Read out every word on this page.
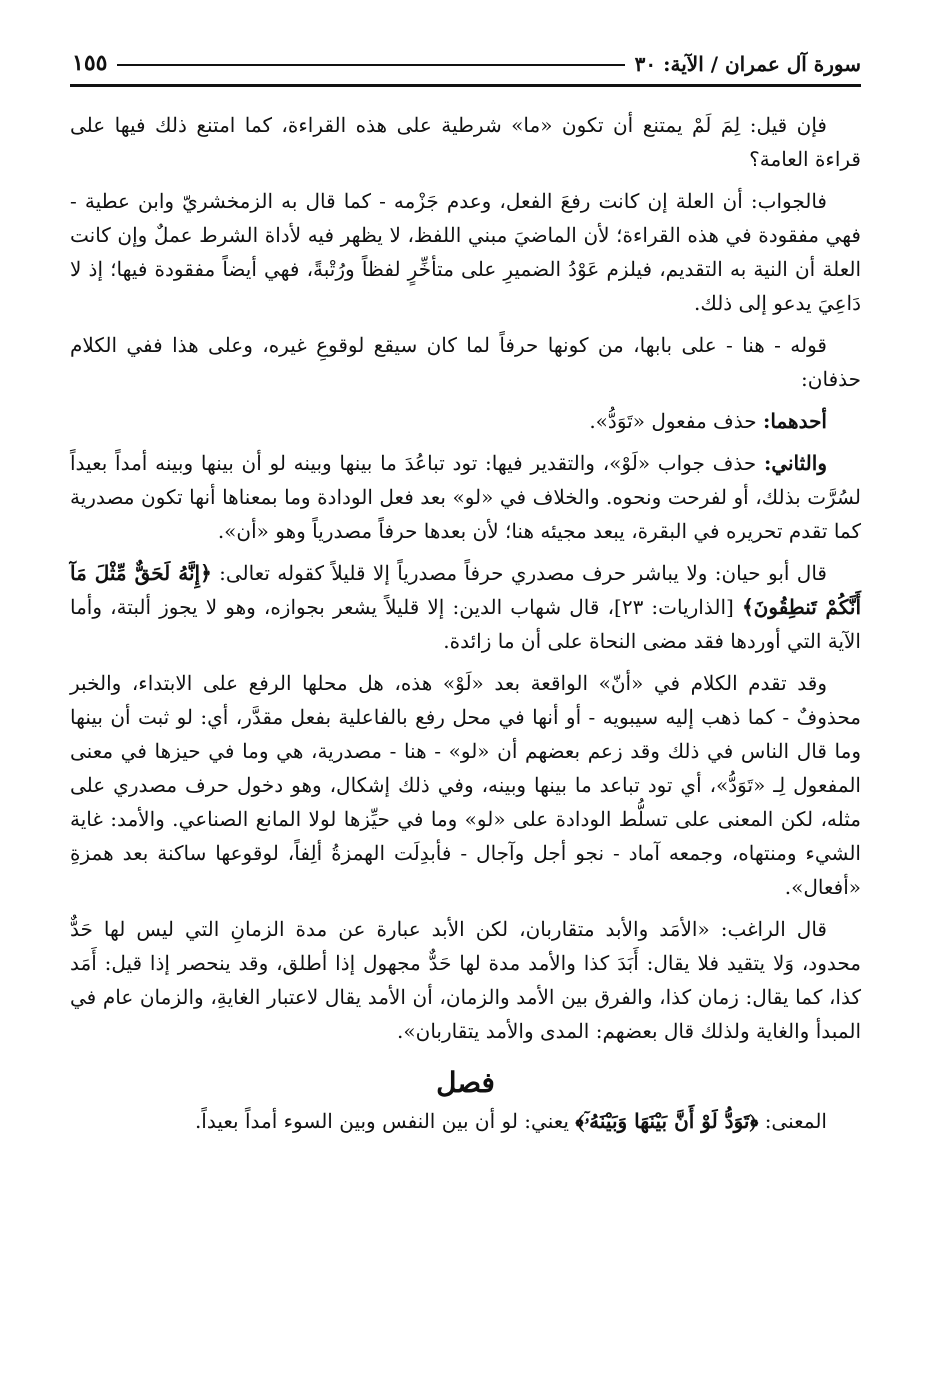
سورة آل عمران / الآية: ٣٠
١٥٥

فإن قيل: لِمَ لَمْ يمتنع أن تكون «ما» شرطية على هذه القراءة، كما امتنع ذلك فيها على قراءة العامة؟

فالجواب: أن العلة إن كانت رفعَ الفعل، وعدم جَزْمه - كما قال به الزمخشريّ وابن عطية - فهي مفقودة في هذه القراءة؛ لأن الماضيَ مبني اللفظ، لا يظهر فيه لأداة الشرط عملٌ وإن كانت العلة أن النية به التقديم، فيلزم عَوْدُ الضميرِ على متأخِّرٍ لفظاً ورُتْبةً، فهي أيضاً مفقودة فيها؛ إذ لا دَاعِيَ يدعو إلى ذلك.

قوله - هنا - على بابها، من كونها حرفاً لما كان سيقع لوقوعِ غيره، وعلى هذا ففي الكلام حذفان:

أحدهما: حذف مفعول «تَوَدُّ».

والثاني: حذف جواب «لَوْ»، والتقدير فيها: تود تباعُدَ ما بينها وبينه لو أن بينها وبينه أمداً بعيداً لسُرَّت بذلك، أو لفرحت ونحوه. والخلاف في «لو» بعد فعل الودادة وما بمعناها أنها تكون مصدرية كما تقدم تحريره في البقرة، يبعد مجيئه هنا؛ لأن بعدها حرفاً مصدرياً وهو «أن».

قال أبو حيان: ولا يباشر حرف مصدري حرفاً مصدرياً إلا قليلاً كقوله تعالى: ﴿إِنَّهُ لَحَقٌّ مِّثْلَ مَآ أَنَّكُمْ تَنطِقُونَ﴾ [الذاريات: ٢٣]، قال شهاب الدين: إلا قليلاً يشعر بجوازه، وهو لا يجوز ألبتة، وأما الآية التي أوردها فقد مضى النحاة على أن ما زائدة.

وقد تقدم الكلام في «أنّ» الواقعة بعد «لَوْ» هذه، هل محلها الرفع على الابتداء، والخبر محذوفٌ - كما ذهب إليه سيبويه - أو أنها في محل رفع بالفاعلية بفعل مقدَّر، أي: لو ثبت أن بينها وما قال الناس في ذلك وقد زعم بعضهم أن «لو» - هنا - مصدرية، هي وما في حيزها في معنى المفعول لِـ «تَوَدُّ»، أي تود تباعد ما بينها وبينه، وفي ذلك إشكال، وهو دخول حرف مصدري على مثله، لكن المعنى على تسلُّط الودادة على «لو» وما في حيِّزها لولا المانع الصناعي. والأمد: غاية الشيء ومنتهاه، وجمعه آماد - نجو أجل وآجال - فأبدِلَت الهمزةُ ألِفاً، لوقوعها ساكنة بعد همزةِ «أفعال».

قال الراغب: «الأمَد والأبد متقاربان، لكن الأبد عبارة عن مدة الزمانِ التي ليس لها حَدٌّ محدود، وَلا يتقيد فلا يقال: أَبَدَ كذا والأمد مدة لها حَدٌّ مجهول إذا أطلق، وقد ينحصر إذا قيل: أَمَد كذا، كما يقال: زمان كذا، والفرق بين الأمد والزمان، أن الأمد يقال لاعتبار الغايةِ، والزمان عام في المبدأ والغاية ولذلك قال بعضهم: المدى والأمد يتقاربان».

فصل

المعنى: ﴿تَوَدُّ لَوْ أَنَّ بَيْنَهَا وَبَيْنَهُۥٓ﴾ يعني: لو أن بين النفس وبين السوء أمداً بعيداً.
